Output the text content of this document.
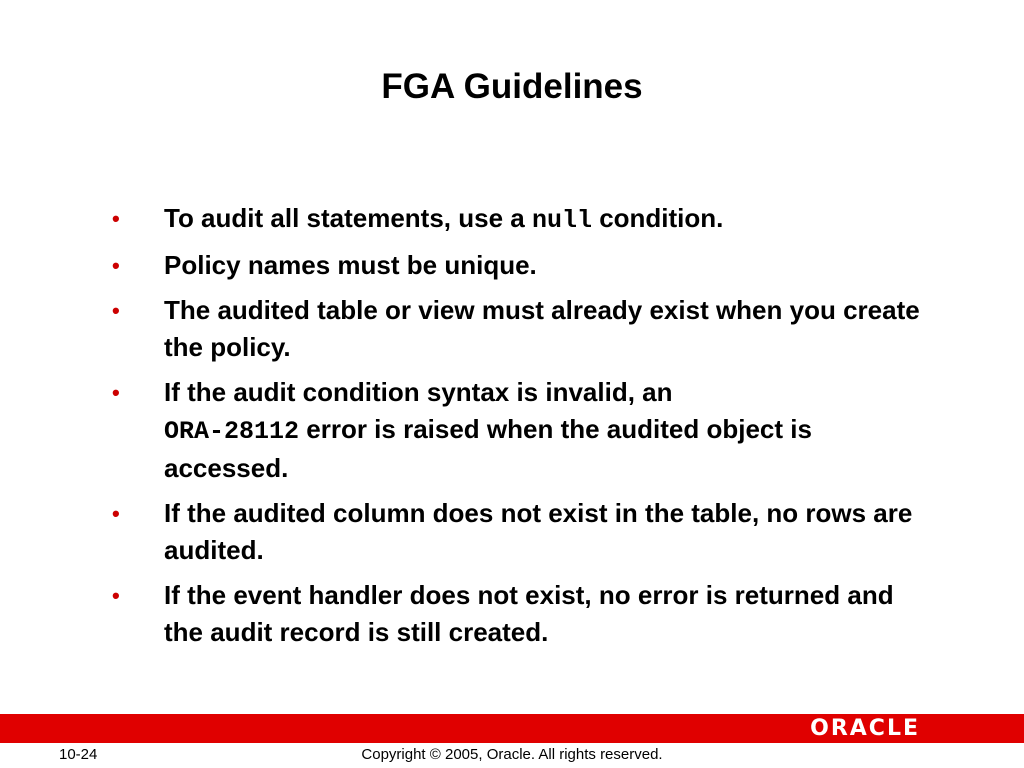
FGA Guidelines
•	To audit all statements, use a null condition.
•	Policy names must be unique.
•	The audited table or view must already exist when you create the policy.
•	If the audit condition syntax is invalid, an
ORA-28112 error is raised when the audited object is accessed.
•	If the audited column does not exist in the table, no rows are audited.
•	If the event handler does not exist, no error is returned and the audit record is still created.
ORACLE
10-24	Copyright © 2005, Oracle. All rights reserved.
